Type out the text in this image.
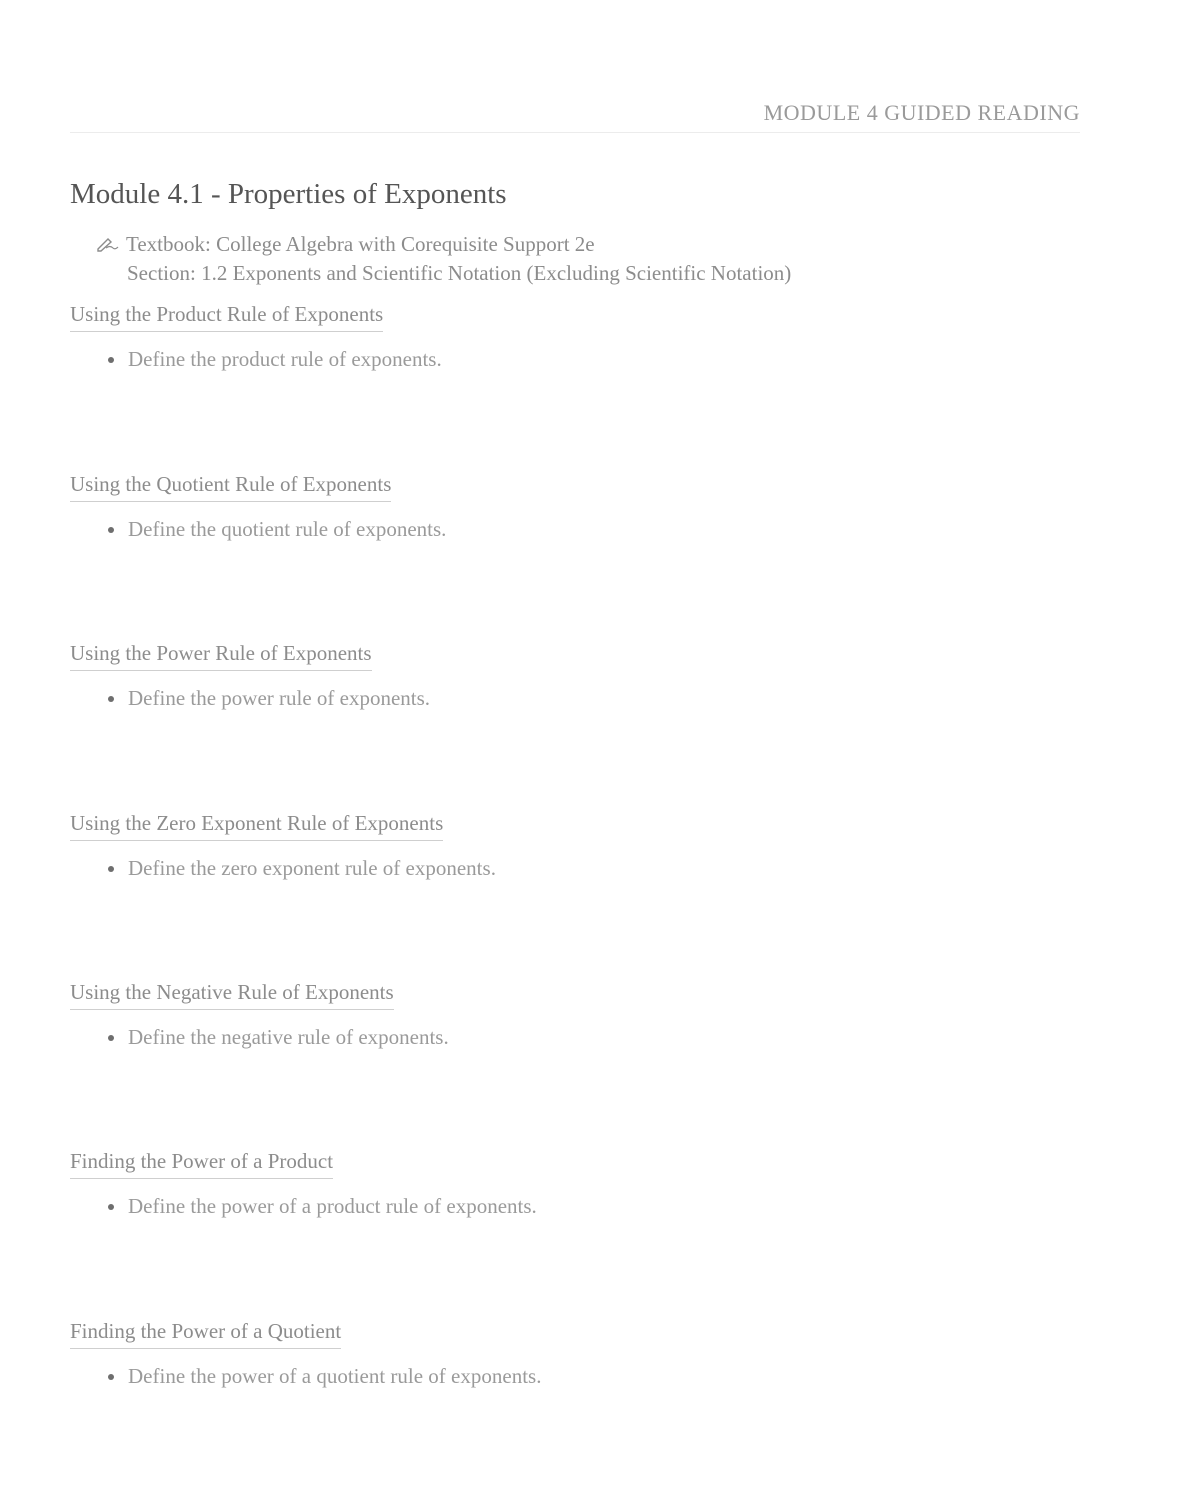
MODULE 4 GUIDED READING
Module 4.1 - Properties of Exponents
Textbook: College Algebra with Corequisite Support 2e
Section: 1.2 Exponents and Scientific Notation (Excluding Scientific Notation)
Using the Product Rule of Exponents
Define the product rule of exponents.
Using the Quotient Rule of Exponents
Define the quotient rule of exponents.
Using the Power Rule of Exponents
Define the power rule of exponents.
Using the Zero Exponent Rule of Exponents
Define the zero exponent rule of exponents.
Using the Negative Rule of Exponents
Define the negative rule of exponents.
Finding the Power of a Product
Define the power of a product rule of exponents.
Finding the Power of a Quotient
Define the power of a quotient rule of exponents.
